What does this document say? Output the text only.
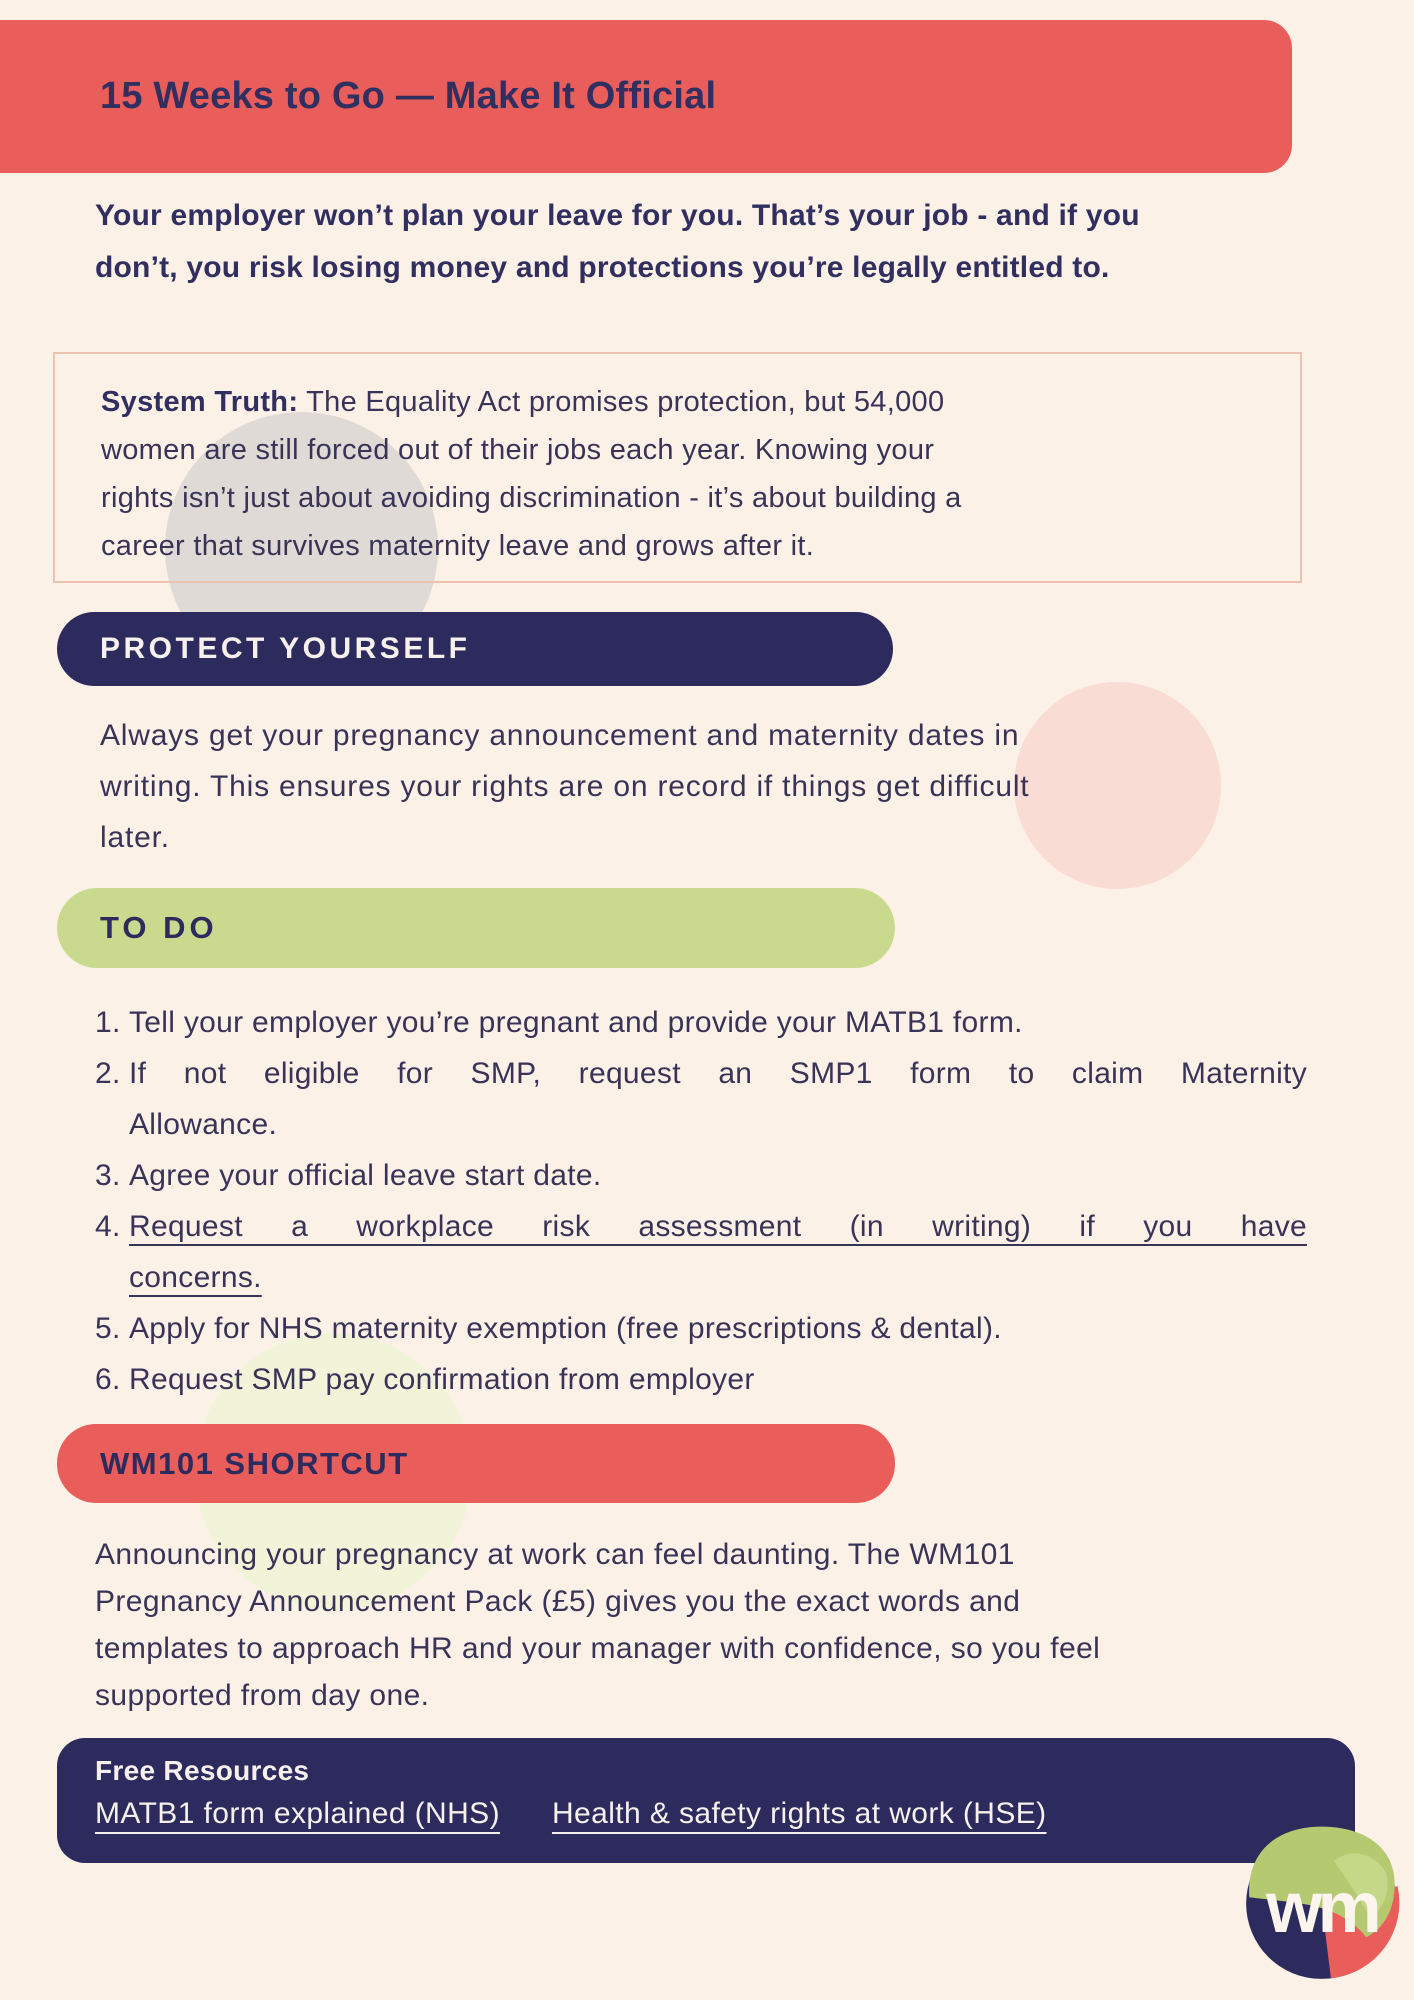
15 Weeks to Go — Make It Official
Your employer won’t plan your leave for you. That’s your job - and if you
don’t, you risk losing money and protections you’re legally entitled to.
System Truth: The Equality Act promises protection, but 54,000
women are still forced out of their jobs each year. Knowing your
rights isn’t just about avoiding discrimination - it’s about building a
career that survives maternity leave and grows after it.
PROTECT YOURSELF
Always get your pregnancy announcement and maternity dates in
writing. This ensures your rights are on record if things get difficult
later.
TO DO
1. Tell your employer you’re pregnant and provide your MATB1 form.
2. If not eligible for SMP, request an SMP1 form to claim Maternity
Allowance.
3. Agree your official leave start date.
4. Request a workplace risk assessment (in writing) if you have
concerns.
5. Apply for NHS maternity exemption (free prescriptions & dental).
6. Request SMP pay confirmation from employer
WM101 SHORTCUT
Announcing your pregnancy at work can feel daunting. The WM101
Pregnancy Announcement Pack (£5) gives you the exact words and
templates to approach HR and your manager with confidence, so you feel
supported from day one.
Free Resources
MATB1 form explained (NHS) Health & safety rights at work (HSE)
wm
